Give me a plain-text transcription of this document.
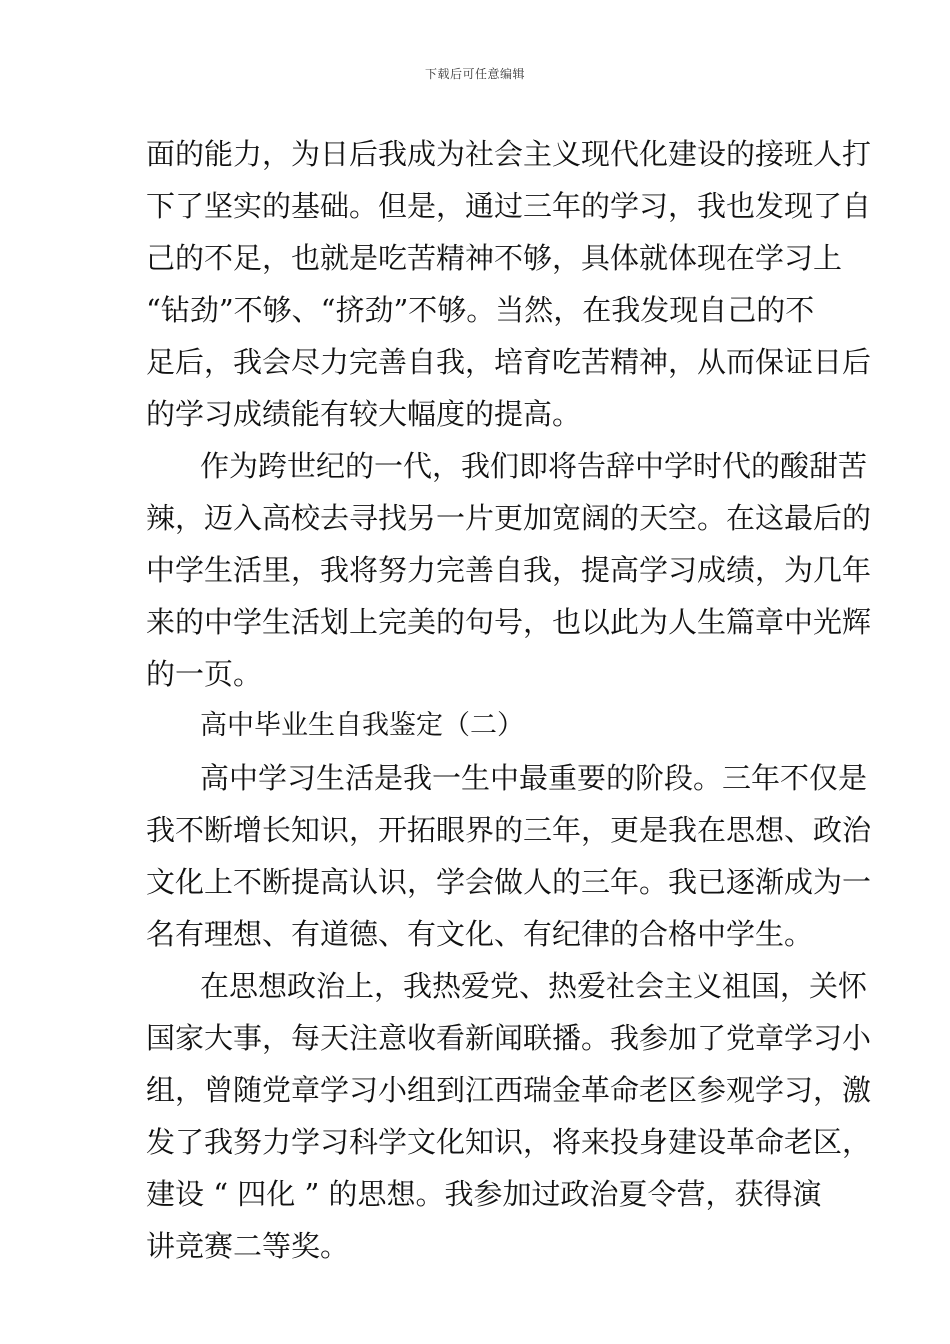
下载后可任意编辑
面的能力，为日后我成为社会主义现代化建设的接班人打
下了坚实的基础。但是，通过三年的学习，我也发现了自
己的不足，也就是吃苦精神不够，具体就体现在学习上
“钻劲”不够、“挤劲”不够。当然，在我发现自己的不
足后，我会尽力完善自我，培育吃苦精神，从而保证日后
的学习成绩能有较大幅度的提高。
作为跨世纪的一代，我们即将告辞中学时代的酸甜苦
辣，迈入高校去寻找另一片更加宽阔的天空。在这最后的
中学生活里，我将努力完善自我，提高学习成绩，为几年
来的中学生活划上完美的句号，也以此为人生篇章中光辉
的一页。
高中毕业生自我鉴定（二）
高中学习生活是我一生中最重要的阶段。三年不仅是
我不断增长知识，开拓眼界的三年，更是我在思想、政治
文化上不断提高认识，学会做人的三年。我已逐渐成为一
名有理想、有道德、有文化、有纪律的合格中学生。
在思想政治上，我热爱党、热爱社会主义祖国，关怀
国家大事，每天注意收看新闻联播。我参加了党章学习小
组，曾随党章学习小组到江西瑞金革命老区参观学习，激
发了我努力学习科学文化知识，将来投身建设革命老区，
建设 “ 四化 ” 的思想。我参加过政治夏令营，获得演
讲竞赛二等奖。
